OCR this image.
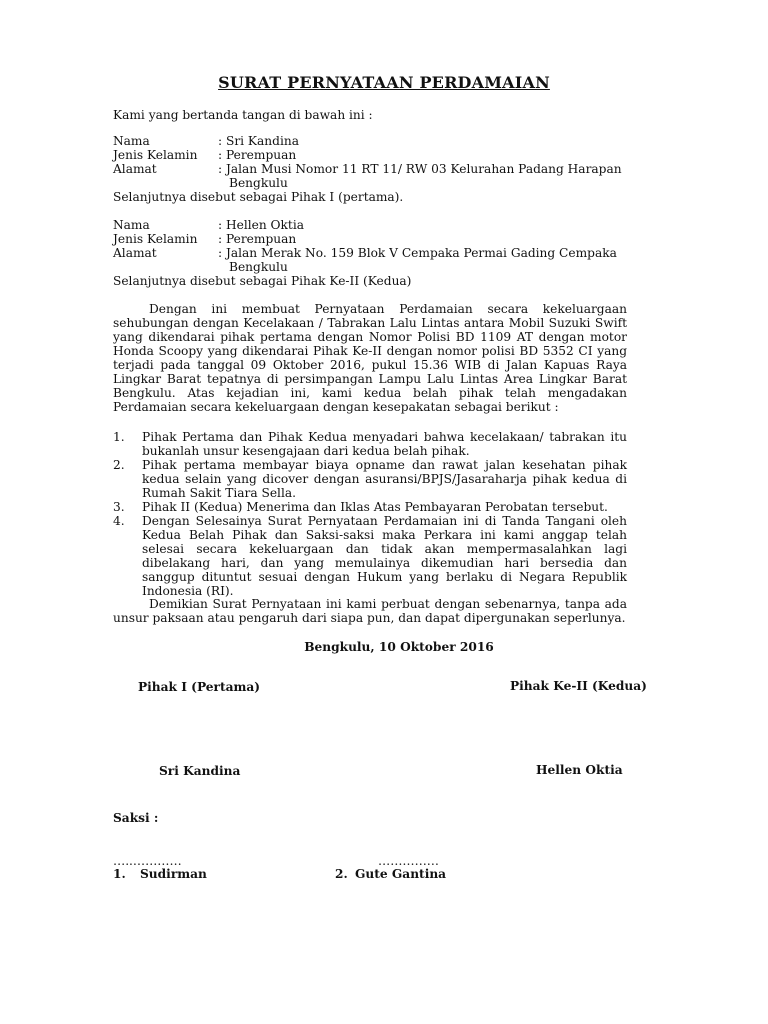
SURAT PERNYATAAN PERDAMAIAN
Kami yang bertanda tangan di bawah ini :
Nama	: Sri Kandina
Jenis Kelamin	: Perempuan
Alamat	: Jalan Musi Nomor 11 RT 11/ RW 03 Kelurahan Padang Harapan
Bengkulu
Selanjutnya disebut sebagai Pihak I (pertama).
Nama	: Hellen Oktia
Jenis Kelamin	: Perempuan
Alamat	: Jalan Merak No. 159 Blok V Cempaka Permai Gading Cempaka
Bengkulu
Selanjutnya disebut sebagai Pihak Ke-II (Kedua)
Dengan ini membuat Pernyataan Perdamaian secara kekeluargaan sehubungan dengan Kecelakaan / Tabrakan Lalu Lintas antara Mobil Suzuki Swift yang dikendarai pihak pertama dengan Nomor Polisi BD 1109 AT dengan motor Honda Scoopy yang dikendarai Pihak Ke-II dengan nomor polisi BD 5352 CI yang terjadi pada tanggal 09 Oktober 2016, pukul 15.36 WIB di Jalan Kapuas Raya Lingkar Barat tepatnya di persimpangan Lampu Lalu Lintas Area Lingkar Barat Bengkulu. Atas kejadian ini, kami kedua belah pihak telah mengadakan Perdamaian secara kekeluargaan dengan kesepakatan sebagai berikut :
1. Pihak Pertama dan Pihak Kedua menyadari bahwa kecelakaan/ tabrakan itu bukanlah unsur kesengajaan dari kedua belah pihak.
2. Pihak pertama membayar biaya opname dan rawat jalan kesehatan pihak kedua selain yang dicover dengan asuransi/BPJS/Jasaraharja pihak kedua di Rumah Sakit Tiara Sella.
3. Pihak II (Kedua) Menerima dan Iklas Atas Pembayaran Perobatan tersebut.
4. Dengan Selesainya Surat Pernyataan Perdamaian ini di Tanda Tangani oleh Kedua Belah Pihak dan Saksi-saksi maka Perkara ini kami anggap telah selesai secara kekeluargaan dan tidak akan mempermasalahkan lagi dibelakang hari, dan yang memulainya dikemudian hari bersedia dan sanggup dituntut sesuai dengan Hukum yang berlaku di Negara Republik Indonesia (RI).
Demikian Surat Pernyataan ini kami perbuat dengan sebenarnya, tanpa ada unsur paksaan atau pengaruh dari siapa pun, dan dapat dipergunakan seperlunya.
Bengkulu, 10 Oktober 2016
Pihak I (Pertama)	Pihak Ke-II (Kedua)
Sri Kandina	Hellen Oktia
Saksi :
…..…………	……………
1. Sudirman	2. Gute Gantina
